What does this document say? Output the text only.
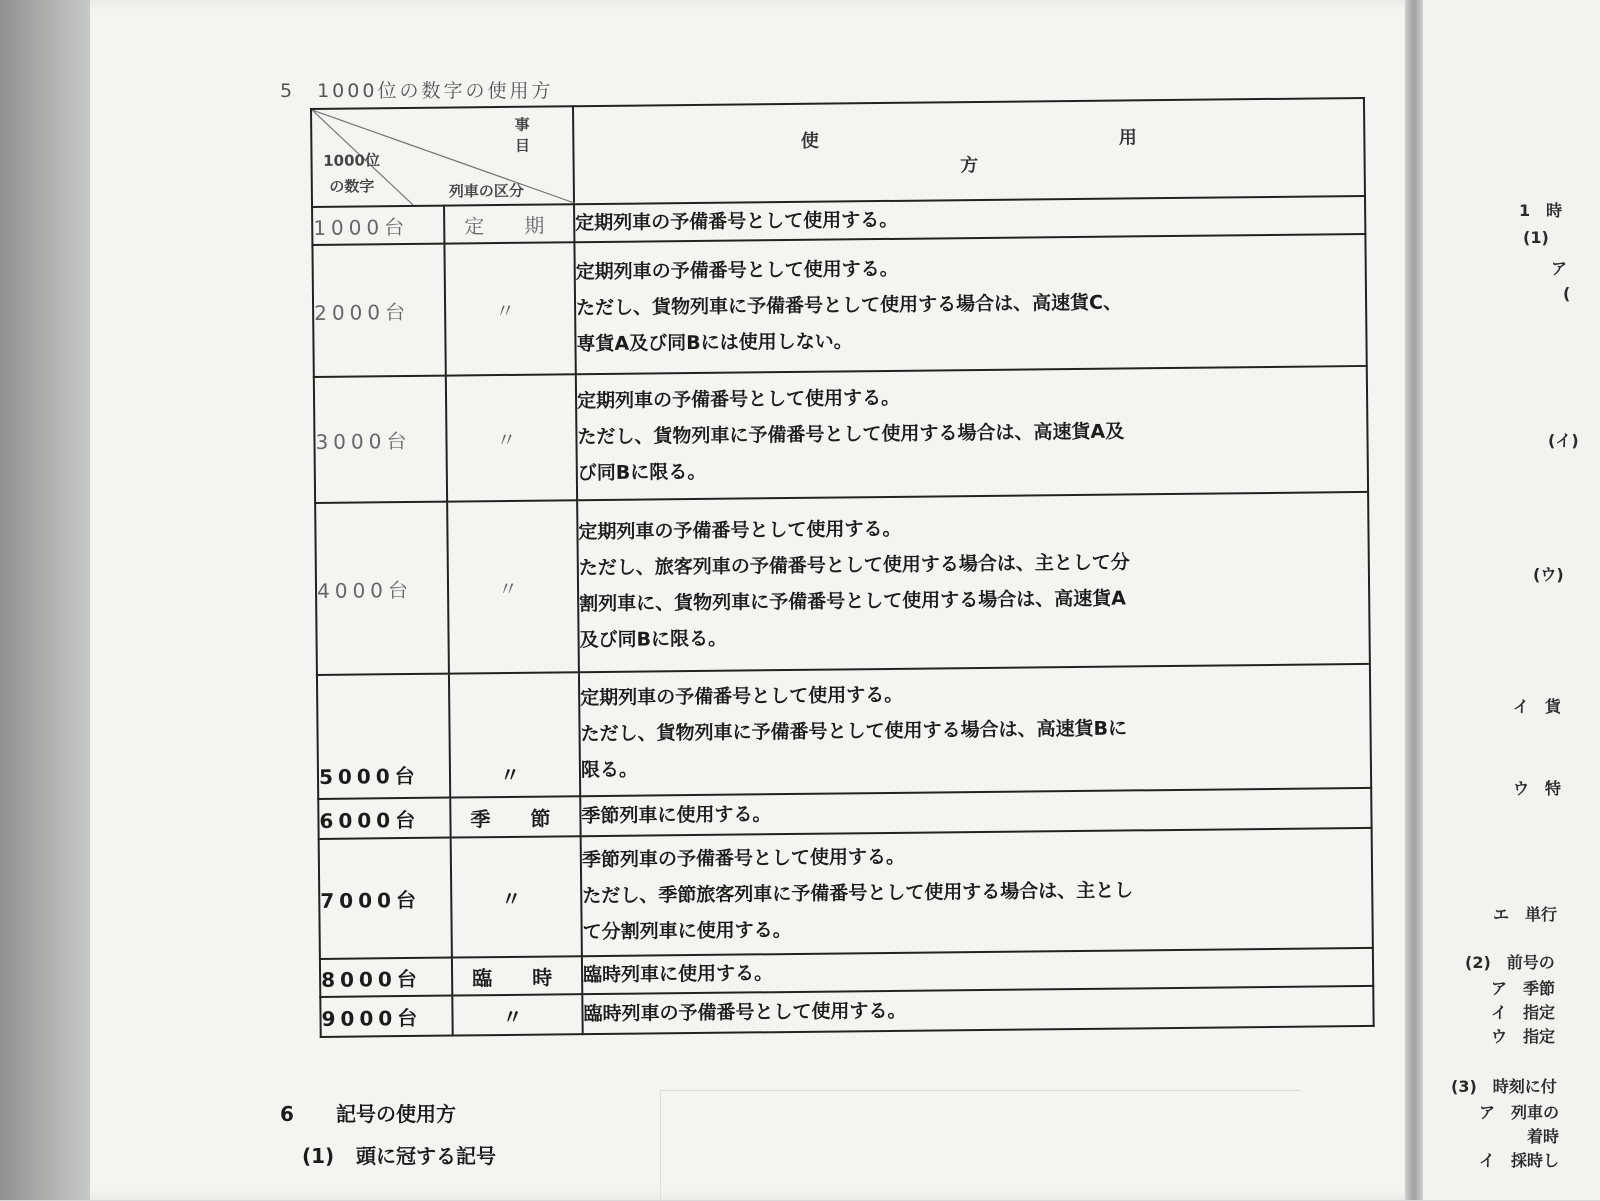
1　時
(1)
ア
(
(イ)
(ウ)
イ　貨
ウ　特
エ　単行
(2)　前号の
ア　季節
イ　指定
ウ　指定
(3)　時刻に付
ア　列車の
着時
イ　採時し
5　1000位の数字の使用方
事　目
1000位の数字 列車の区分		使 用方
1000台	定　期	定期列車の予備番号として使用する。

2000台	〃	定期列車の予備番号として使用する。
ただし、貨物列車に予備番号として使用する場合は、高速貨C、
専貨A及び同Bには使用しない。

3000台	〃	定期列車の予備番号として使用する。
ただし、貨物列車に予備番号として使用する場合は、高速貨A及
び同Bに限る。

4000台	〃	定期列車の予備番号として使用する。
ただし、旅客列車の予備番号として使用する場合は、主として分
割列車に、貨物列車に予備番号として使用する場合は、高速貨A
及び同Bに限る。

5000台	〃	定期列車の予備番号として使用する。
ただし、貨物列車に予備番号として使用する場合は、高速貨Bに
限る。

6000台	季　節	季節列車に使用する。

7000台	〃	季節列車の予備番号として使用する。
ただし、季節旅客列車に予備番号として使用する場合は、主とし
て分割列車に使用する。

8000台	臨　時	臨時列車に使用する。

9000台	〃	臨時列車の予備番号として使用する。
6 記号の使用方
(1) 頭に冠する記号
